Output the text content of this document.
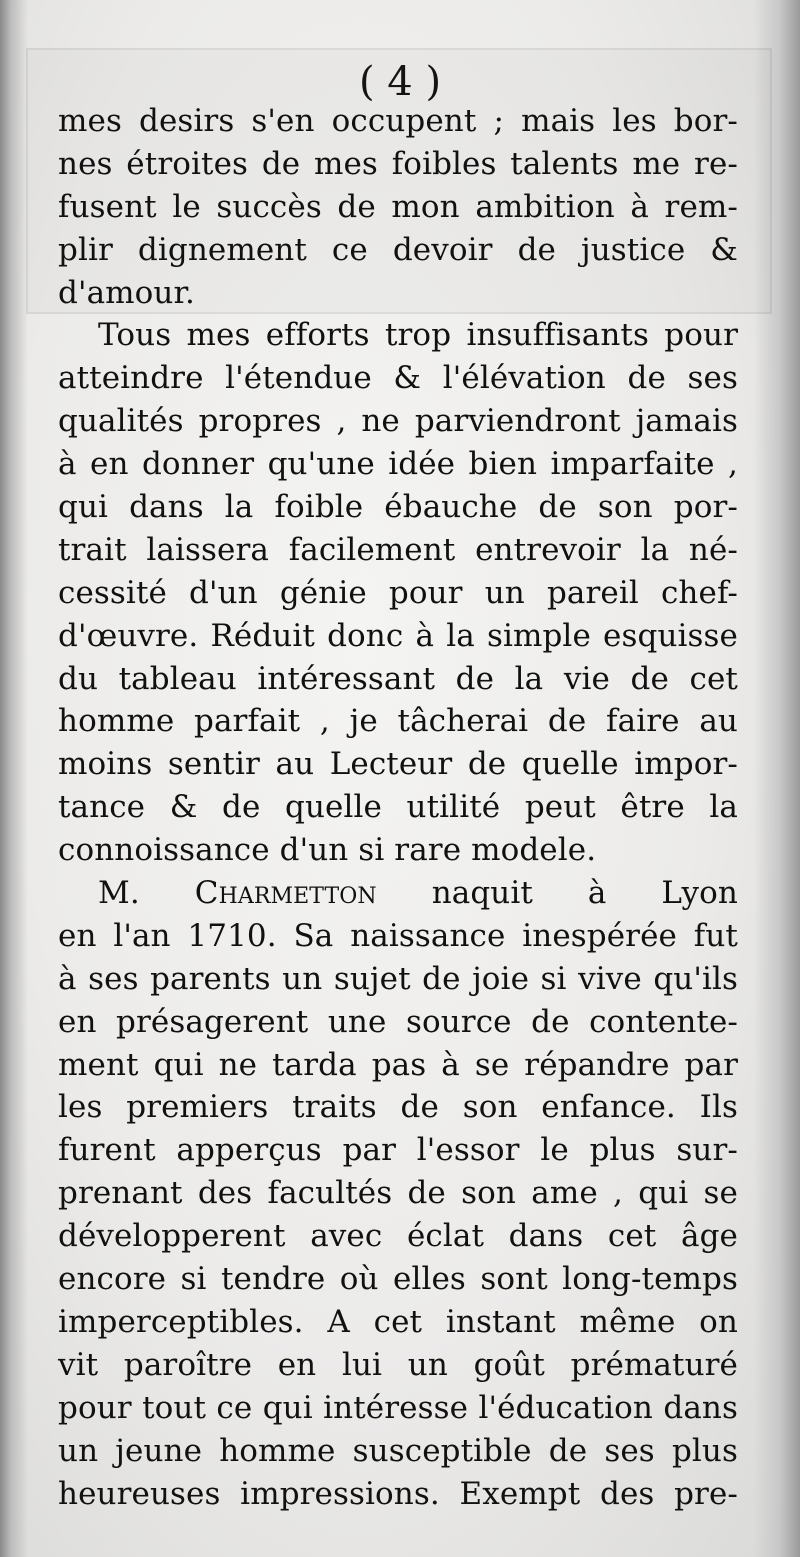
( 4 )
mes desirs s'en occupent ; mais les bor-
nes étroites de mes foibles talents me re-
fusent le succès de mon ambition à rem-
plir dignement ce devoir de justice &
d'amour.
Tous mes efforts trop insuffisants pour
atteindre l'étendue & l'élévation de ses
qualités propres , ne parviendront jamais
à en donner qu'une idée bien imparfaite ,
qui dans la foible ébauche de son por-
trait laissera facilement entrevoir la né-
cessité d'un génie pour un pareil chef-
d'œuvre. Réduit donc à la simple esquisse
du tableau intéressant de la vie de cet
homme parfait , je tâcherai de faire au
moins sentir au Lecteur de quelle impor-
tance & de quelle utilité peut être la
connoissance d'un si rare modele.
M. Charmetton naquit à Lyon
en l'an 1710. Sa naissance inespérée fut
à ses parents un sujet de joie si vive qu'ils
en présagerent une source de contente-
ment qui ne tarda pas à se répandre par
les premiers traits de son enfance. Ils
furent apperçus par l'essor le plus sur-
prenant des facultés de son ame , qui se
développerent avec éclat dans cet âge
encore si tendre où elles sont long-temps
imperceptibles. A cet instant même on
vit paroître en lui un goût prématuré
pour tout ce qui intéresse l'éducation dans
un jeune homme susceptible de ses plus
heureuses impressions. Exempt des pre-
